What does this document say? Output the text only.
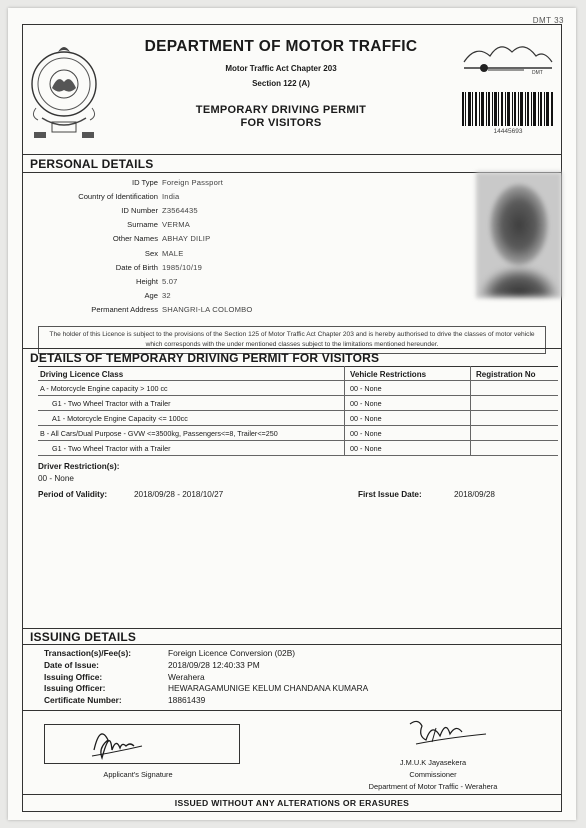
DMT 33
DEPARTMENT OF MOTOR TRAFFIC
Motor Traffic Act Chapter 203
Section 122 (A)
TEMPORARY DRIVING PERMIT
FOR VISITORS
DMT
14445693
PERSONAL DETAILS
ID Type Foreign Passport
Country of Identification India
ID Number Z3564435
Surname VERMA
Other Names ABHAY DILIP
Sex MALE
Date of Birth 1985/10/19
Height 5.07
Age 32
Permanent Address SHANGRI-LA COLOMBO
The holder of this Licence is subject to the provisions of the Section 125 of Motor Traffic Act Chapter 203 and is hereby authorised to drive the classes of motor vehicle which corresponds with the under mentioned classes subject to the limitations mentioned hereunder.
DETAILS OF TEMPORARY DRIVING PERMIT FOR VISITORS
Driving Licence Class	Vehicle Restrictions	Registration No
A - Motorcycle Engine capacity > 100 cc	00 - None
G1 - Two Wheel Tractor with a Trailer	00 - None
A1 - Motorcycle Engine Capacity <= 100cc	00 - None
B - All Cars/Dual Purpose - GVW <=3500kg, Passengers<=8, Trailer<=250	00 - None
G1 - Two Wheel Tractor with a Trailer	00 - None
Driver Restriction(s):
00 - None
Period of Validity:	2018/09/28 - 2018/10/27	First Issue Date:	2018/09/28
ISSUING DETAILS
Transaction(s)/Fee(s):	Foreign Licence Conversion (02B)
Date of Issue:	2018/09/28 12:40:33 PM
Issuing Office:	Werahera
Issuing Officer:	HEWARAGAMUNIGE KELUM CHANDANA KUMARA
Certificate Number:	18861439
Applicant's Signature
J.M.U.K Jayasekera
Commissioner
Department of Motor Traffic - Werahera
ISSUED WITHOUT ANY ALTERATIONS OR ERASURES
